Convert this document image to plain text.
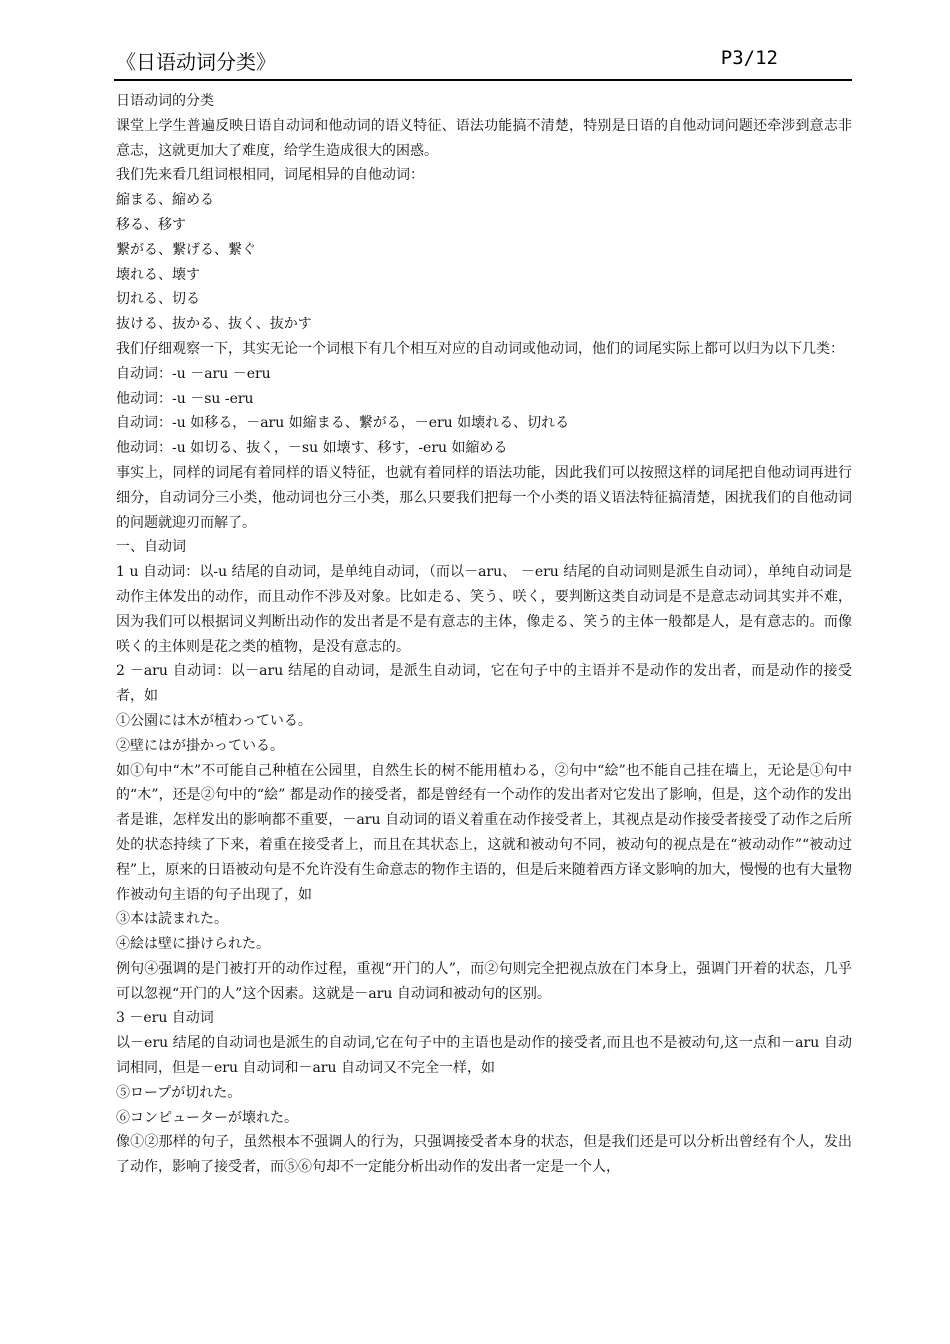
《日语动词分类》	P3/12

日语动词的分类

课堂上学生普遍反映日语自动词和他动词的语义特征、语法功能搞不清楚，特别是日语的自他动词问题还牵涉到意志非意志，这就更加大了难度，给学生造成很大的困惑。

我们先来看几组词根相同，词尾相异的自他动词：

縮まる、縮める

移る、移す

繋がる、繋げる、繋ぐ

壊れる、壊す

切れる、切る

抜ける、抜かる、抜く、抜かす

我们仔细观察一下，其实无论一个词根下有几个相互对应的自动词或他动词，他们的词尾实际上都可以归为以下几类：

自动词：-u －aru －eru

他动词：-u －su -eru

自动词：-u 如移る，－aru 如縮まる、繋がる，－eru 如壊れる、切れる

他动词：-u 如切る、抜く，－su 如壊す、移す，-eru 如縮める

事实上，同样的词尾有着同样的语义特征，也就有着同样的语法功能，因此我们可以按照这样的词尾把自他动词再进行细分，自动词分三小类，他动词也分三小类，那么只要我们把每一个小类的语义语法特征搞清楚，困扰我们的自他动词的问题就迎刃而解了。

一、自动词

1 u 自动词：以-u 结尾的自动词，是单纯自动词，（而以－aru、 －eru 结尾的自动词则是派生自动词），单纯自动词是动作主体发出的动作，而且动作不涉及对象。比如走る、笑う、咲く，要判断这类自动词是不是意志动词其实并不难，因为我们可以根据词义判断出动作的发出者是不是有意志的主体，像走る、笑う的主体一般都是人，是有意志的。而像咲く的主体则是花之类的植物，是没有意志的。

2 －aru 自动词：以－aru 结尾的自动词，是派生自动词，它在句子中的主语并不是动作的发出者，而是动作的接受者，如

①公園には木が植わっている。

②壁にはが掛かっている。

如①句中“木”不可能自己种植在公园里，自然生长的树不能用植わる，②句中“絵”也不能自己挂在墙上，无论是①句中的“木”，还是②句中的“絵” 都是动作的接受者，都是曾经有一个动作的发出者对它发出了影响，但是，这个动作的发出者是谁，怎样发出的影响都不重要，－aru 自动词的语义着重在动作接受者上，其视点是动作接受者接受了动作之后所处的状态持续了下来，着重在接受者上，而且在其状态上，这就和被动句不同，被动句的视点是在“被动动作”“被动过程”上，原来的日语被动句是不允许没有生命意志的物作主语的，但是后来随着西方译文影响的加大，慢慢的也有大量物作被动句主语的句子出现了，如

③本は読まれた。

④絵は壁に掛けられた。

例句④强调的是门被打开的动作过程，重视“开门的人”，而②句则完全把视点放在门本身上，强调门开着的状态，几乎可以忽视“开门的人”这个因素。这就是－aru 自动词和被动句的区别。

3 －eru 自动词

以－eru 结尾的自动词也是派生的自动词,它在句子中的主语也是动作的接受者,而且也不是被动句,这一点和－aru 自动词相同，但是－eru 自动词和－aru 自动词又不完全一样，如

⑤ロープが切れた。

⑥コンピューターが壊れた。

像①②那样的句子，虽然根本不强调人的行为，只强调接受者本身的状态，但是我们还是可以分析出曾经有个人，发出了动作，影响了接受者，而⑤⑥句却不一定能分析出动作的发出者一定是一个人，
